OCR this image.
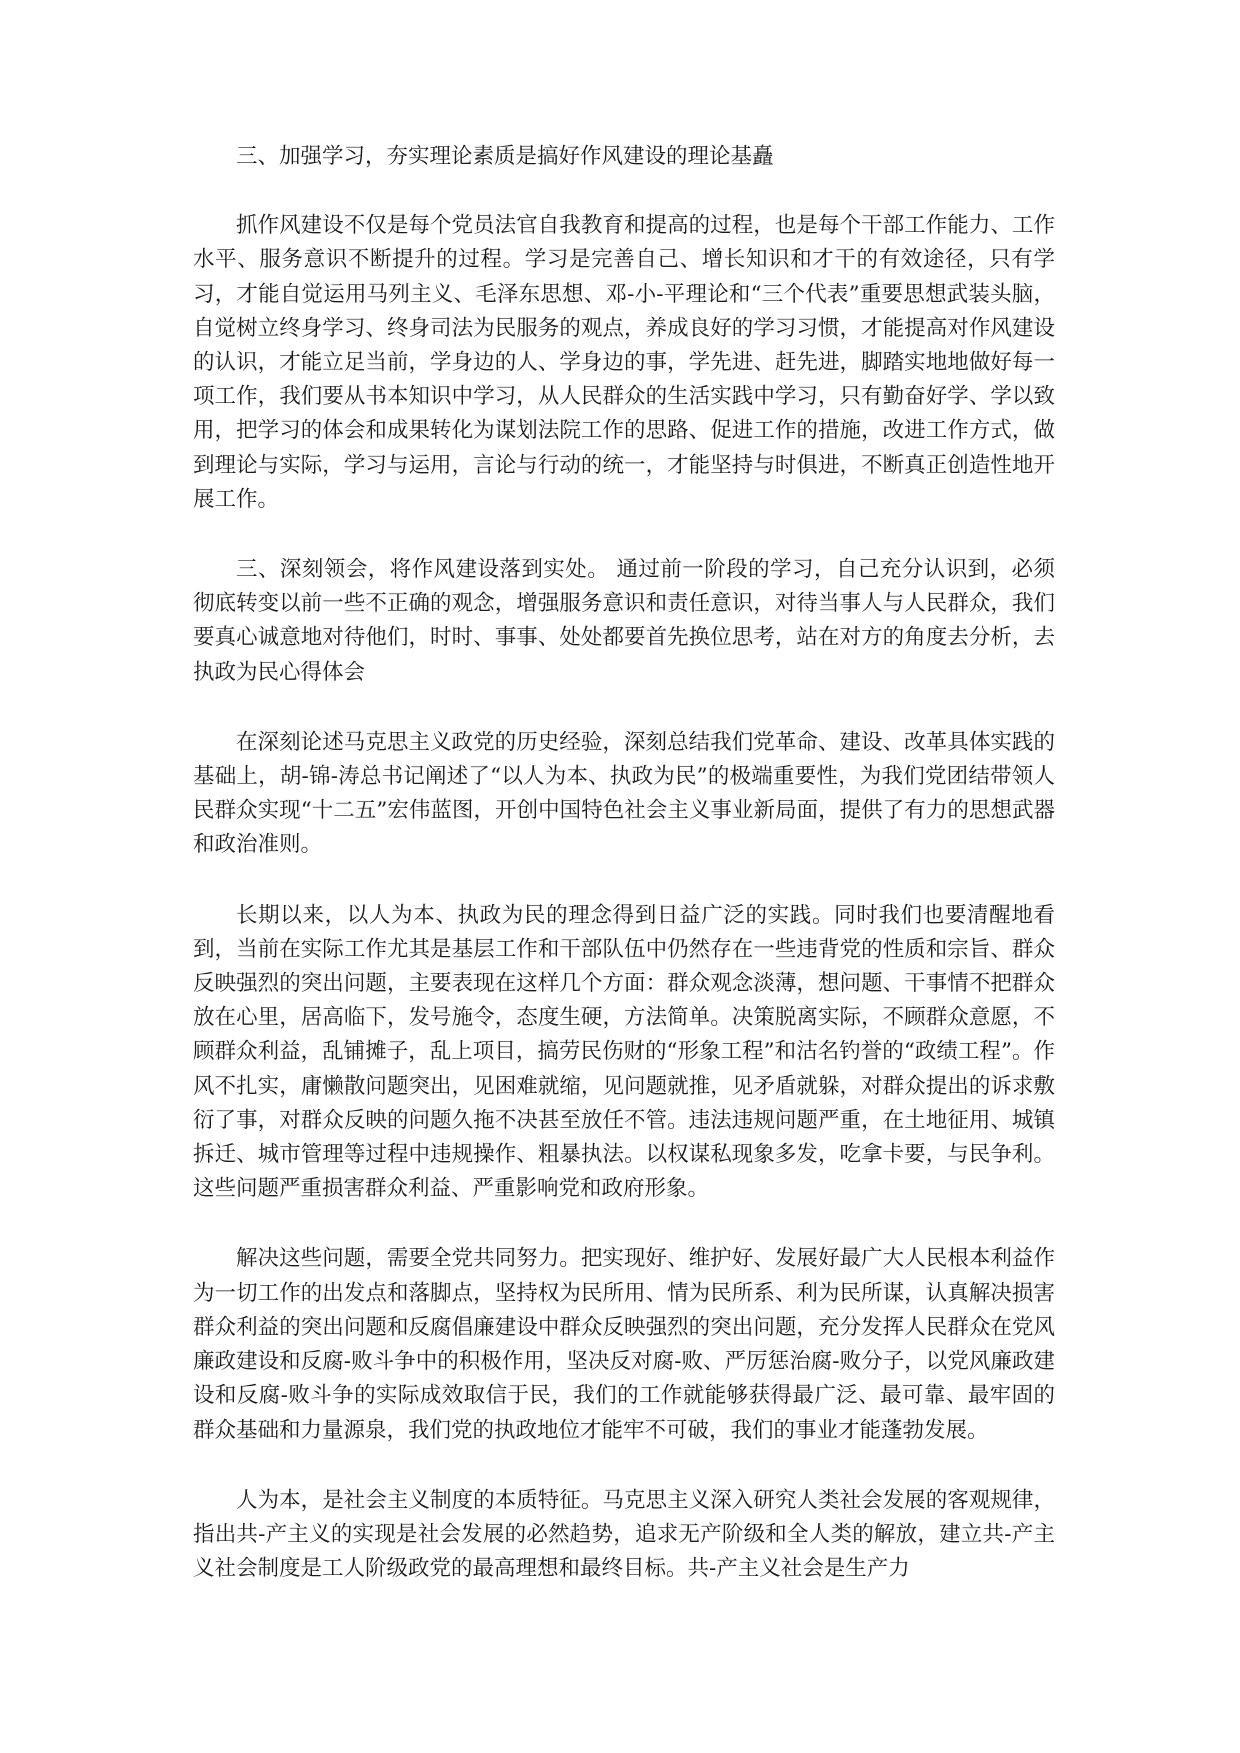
三、加强学习，夯实理论素质是搞好作风建设的理论基矗

抓作风建设不仅是每个党员法官自我教育和提高的过程，也是每个干部工作能力、工作水平、服务意识不断提升的过程。学习是完善自己、增长知识和才干的有效途径，只有学习，才能自觉运用马列主义、毛泽东思想、邓-小-平理论和“三个代表”重要思想武装头脑，自觉树立终身学习、终身司法为民服务的观点，养成良好的学习习惯，才能提高对作风建设的认识，才能立足当前，学身边的人、学身边的事，学先进、赶先进，脚踏实地地做好每一项工作，我们要从书本知识中学习，从人民群众的生活实践中学习，只有勤奋好学、学以致用，把学习的体会和成果转化为谋划法院工作的思路、促进工作的措施，改进工作方式，做到理论与实际，学习与运用，言论与行动的统一，才能坚持与时俱进，不断真正创造性地开展工作。

三、深刻领会，将作风建设落到实处。 通过前一阶段的学习，自己充分认识到，必须彻底转变以前一些不正确的观念，增强服务意识和责任意识，对待当事人与人民群众，我们要真心诚意地对待他们，时时、事事、处处都要首先换位思考，站在对方的角度去分析，去执政为民心得体会

在深刻论述马克思主义政党的历史经验，深刻总结我们党革命、建设、改革具体实践的基础上，胡-锦-涛总书记阐述了“以人为本、执政为民”的极端重要性，为我们党团结带领人民群众实现“十二五”宏伟蓝图，开创中国特色社会主义事业新局面，提供了有力的思想武器和政治准则。

长期以来，以人为本、执政为民的理念得到日益广泛的实践。同时我们也要清醒地看到，当前在实际工作尤其是基层工作和干部队伍中仍然存在一些违背党的性质和宗旨、群众反映强烈的突出问题，主要表现在这样几个方面：群众观念淡薄，想问题、干事情不把群众放在心里，居高临下，发号施令，态度生硬，方法简单。决策脱离实际，不顾群众意愿，不顾群众利益，乱铺摊子，乱上项目，搞劳民伤财的“形象工程”和沽名钓誉的“政绩工程”。作风不扎实，庸懒散问题突出，见困难就缩，见问题就推，见矛盾就躲，对群众提出的诉求敷衍了事，对群众反映的问题久拖不决甚至放任不管。违法违规问题严重，在土地征用、城镇拆迁、城市管理等过程中违规操作、粗暴执法。以权谋私现象多发，吃拿卡要，与民争利。这些问题严重损害群众利益、严重影响党和政府形象。

解决这些问题，需要全党共同努力。把实现好、维护好、发展好最广大人民根本利益作为一切工作的出发点和落脚点，坚持权为民所用、情为民所系、利为民所谋，认真解决损害群众利益的突出问题和反腐倡廉建设中群众反映强烈的突出问题，充分发挥人民群众在党风廉政建设和反腐-败斗争中的积极作用，坚决反对腐-败、严厉惩治腐-败分子，以党风廉政建设和反腐-败斗争的实际成效取信于民，我们的工作就能够获得最广泛、最可靠、最牢固的群众基础和力量源泉，我们党的执政地位才能牢不可破，我们的事业才能蓬勃发展。

人为本，是社会主义制度的本质特征。马克思主义深入研究人类社会发展的客观规律，指出共-产主义的实现是社会发展的必然趋势，追求无产阶级和全人类的解放，建立共-产主义社会制度是工人阶级政党的最高理想和最终目标。共-产主义社会是生产力
